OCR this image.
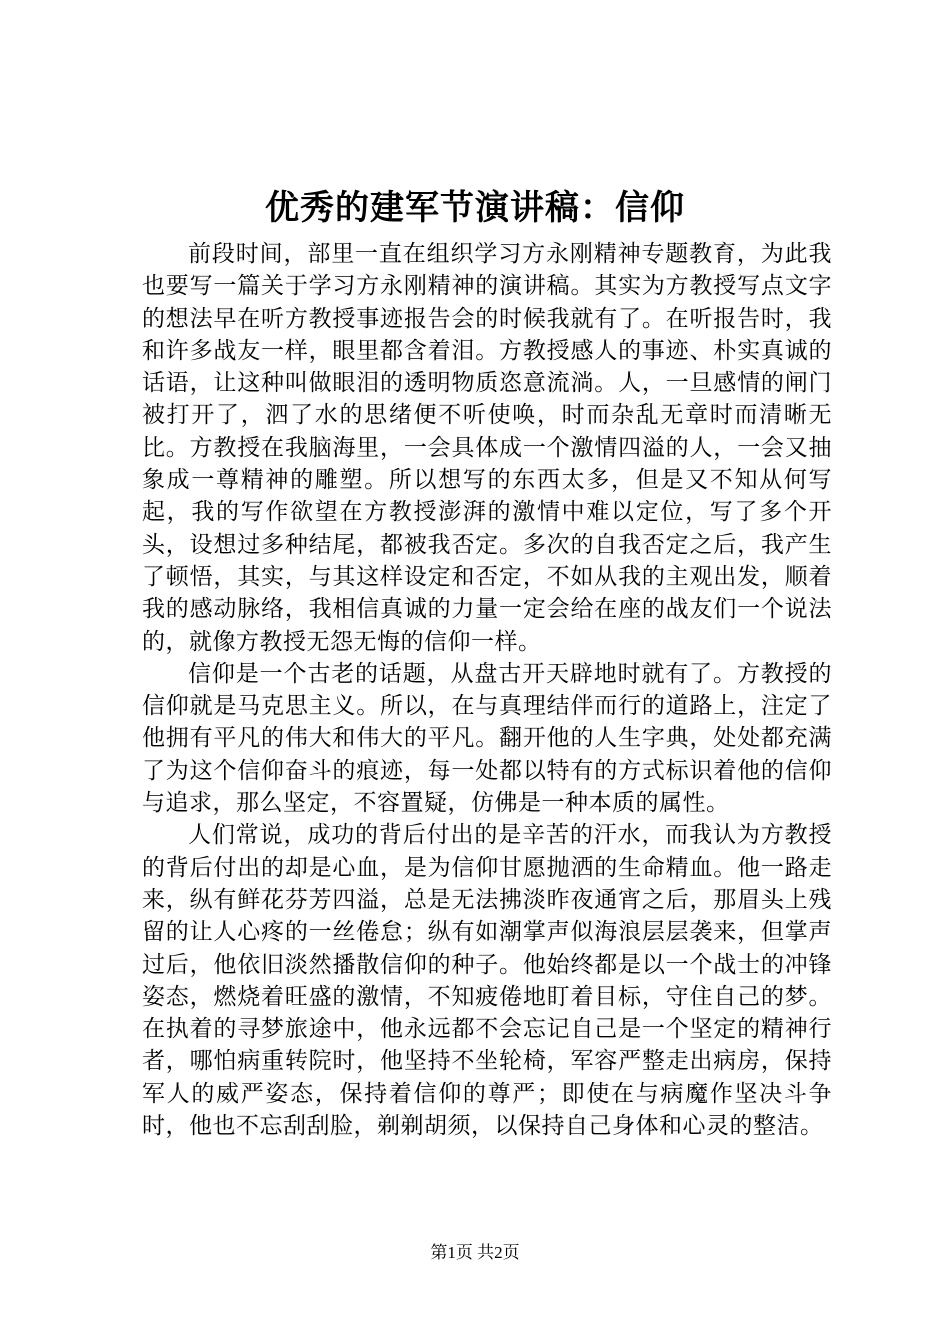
优秀的建军节演讲稿：信仰

前段时间，部里一直在组织学习方永刚精神专题教育，为此我也要写一篇关于学习方永刚精神的演讲稿。其实为方教授写点文字的想法早在听方教授事迹报告会的时候我就有了。在听报告时，我和许多战友一样，眼里都含着泪。方教授感人的事迹、朴实真诚的话语，让这种叫做眼泪的透明物质恣意流淌。人，一旦感情的闸门被打开了，泗了水的思绪便不听使唤，时而杂乱无章时而清晰无比。方教授在我脑海里，一会具体成一个激情四溢的人，一会又抽象成一尊精神的雕塑。所以想写的东西太多，但是又不知从何写起，我的写作欲望在方教授澎湃的激情中难以定位，写了多个开头，设想过多种结尾，都被我否定。多次的自我否定之后，我产生了顿悟，其实，与其这样设定和否定，不如从我的主观出发，顺着我的感动脉络，我相信真诚的力量一定会给在座的战友们一个说法的，就像方教授无怨无悔的信仰一样。

信仰是一个古老的话题，从盘古开天辟地时就有了。方教授的信仰就是马克思主义。所以，在与真理结伴而行的道路上，注定了他拥有平凡的伟大和伟大的平凡。翻开他的人生字典，处处都充满了为这个信仰奋斗的痕迹，每一处都以特有的方式标识着他的信仰与追求，那么坚定，不容置疑，仿佛是一种本质的属性。

人们常说，成功的背后付出的是辛苦的汗水，而我认为方教授的背后付出的却是心血，是为信仰甘愿抛洒的生命精血。他一路走来，纵有鲜花芬芳四溢，总是无法拂淡昨夜通宵之后，那眉头上残留的让人心疼的一丝倦怠；纵有如潮掌声似海浪层层袭来，但掌声过后，他依旧淡然播散信仰的种子。他始终都是以一个战士的冲锋姿态，燃烧着旺盛的激情，不知疲倦地盯着目标，守住自己的梦。在执着的寻梦旅途中，他永远都不会忘记自己是一个坚定的精神行者，哪怕病重转院时，他坚持不坐轮椅，军容严整走出病房，保持军人的威严姿态，保持着信仰的尊严；即使在与病魔作坚决斗争时，他也不忘刮刮脸，剃剃胡须，以保持自己身体和心灵的整洁。

第1页 共2页
